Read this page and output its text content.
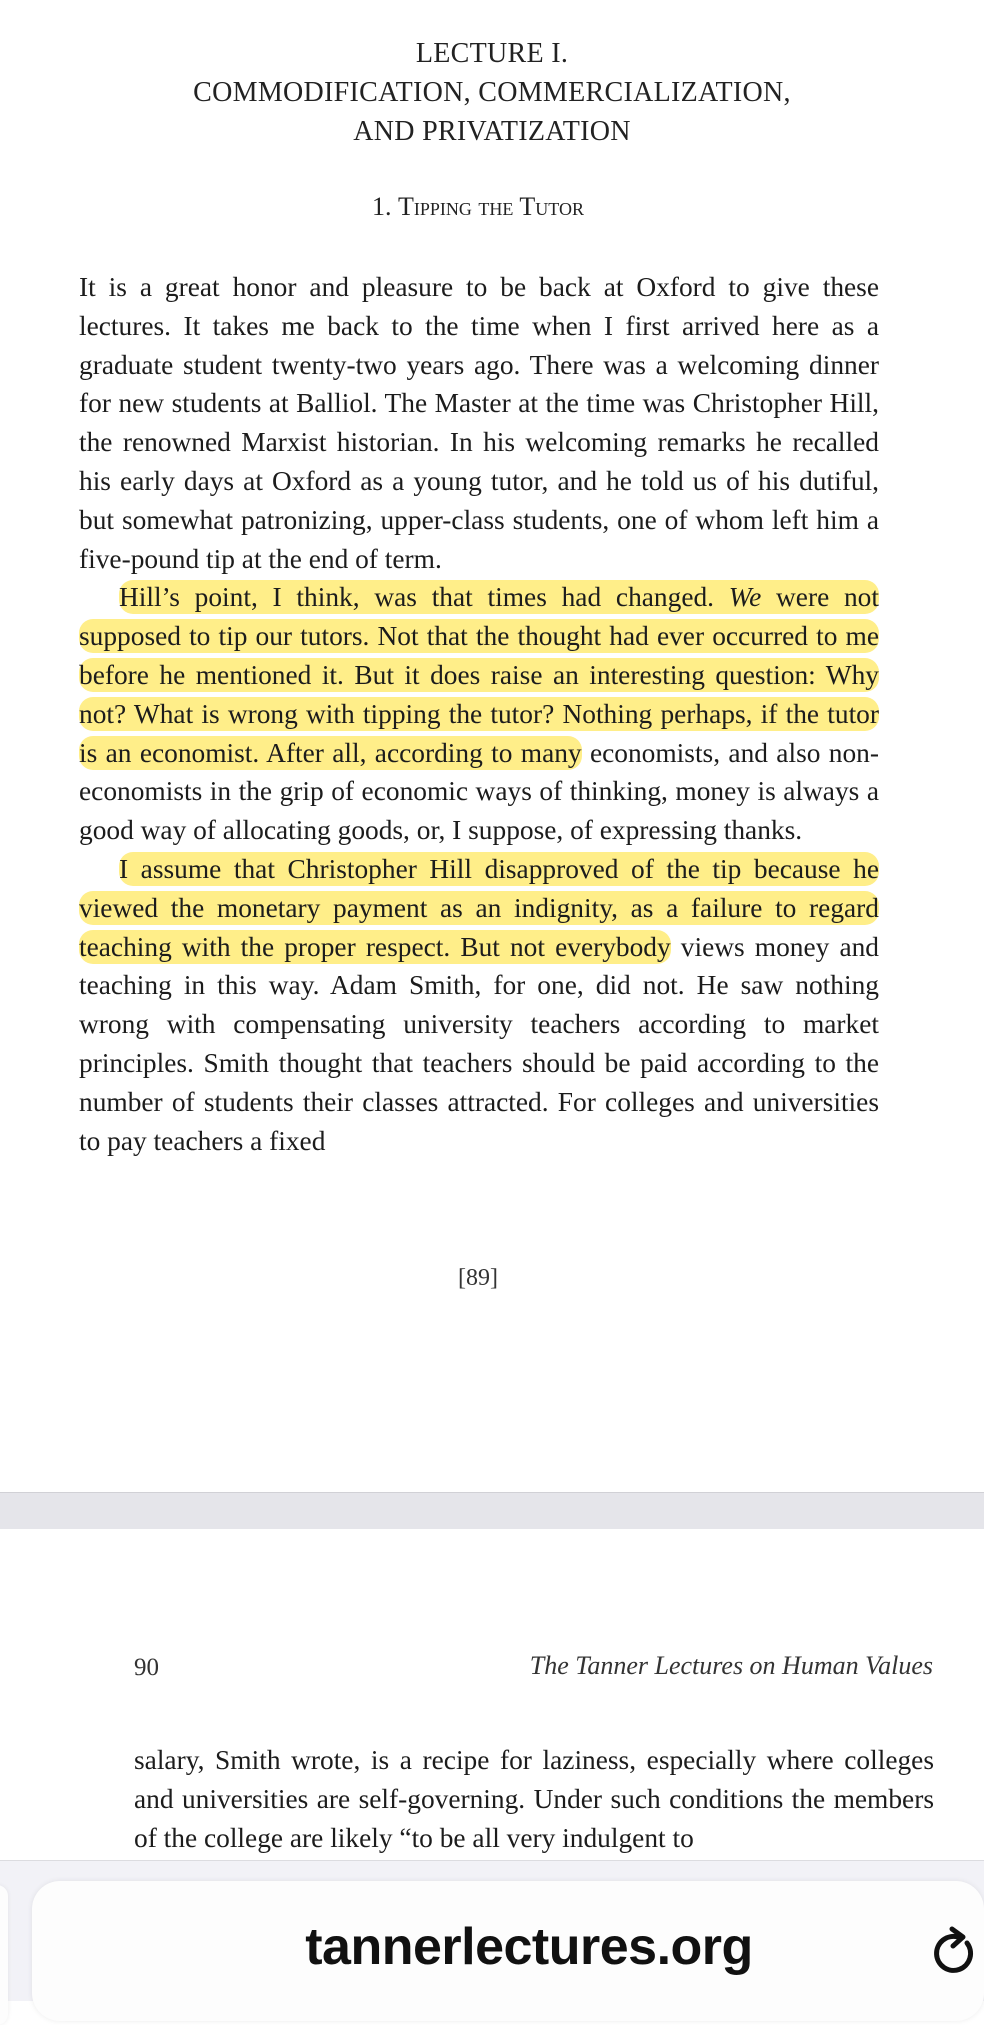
LECTURE I.
COMMODIFICATION, COMMERCIALIZATION,
AND PRIVATIZATION
1. Tipping the Tutor

It is a great honor and pleasure to be back at Oxford to give these lectures. It takes me back to the time when I first arrived here as a graduate student twenty-two years ago. There was a welcoming dinner for new students at Balliol. The Master at the time was Christopher Hill, the renowned Marxist historian. In his welcoming remarks he recalled his early days at Oxford as a young tutor, and he told us of his dutiful, but somewhat patronizing, upper-class students, one of whom left him a five-pound tip at the end of term.

Hill’s point, I think, was that times had changed. We were not supposed to tip our tutors. Not that the thought had ever occurred to me before he mentioned it. But it does raise an interesting question: Why not? What is wrong with tipping the tutor? Nothing perhaps, if the tutor is an economist. After all, according to many economists, and also non-economists in the grip of economic ways of thinking, money is always a good way of allocating goods, or, I suppose, of expressing thanks.

I assume that Christopher Hill disapproved of the tip because he viewed the monetary payment as an indignity, as a failure to regard teaching with the proper respect. But not everybody views money and teaching in this way. Adam Smith, for one, did not. He saw nothing wrong with compensating university teachers according to market principles. Smith thought that teachers should be paid according to the number of students their classes attracted. For colleges and universities to pay teachers a fixed

[89]
90	The Tanner Lectures on Human Values

salary, Smith wrote, is a recipe for laziness, especially where colleges and universities are self-governing. Under such conditions the members of the college are likely “to be all very indulgent to

tannerlectures.org
